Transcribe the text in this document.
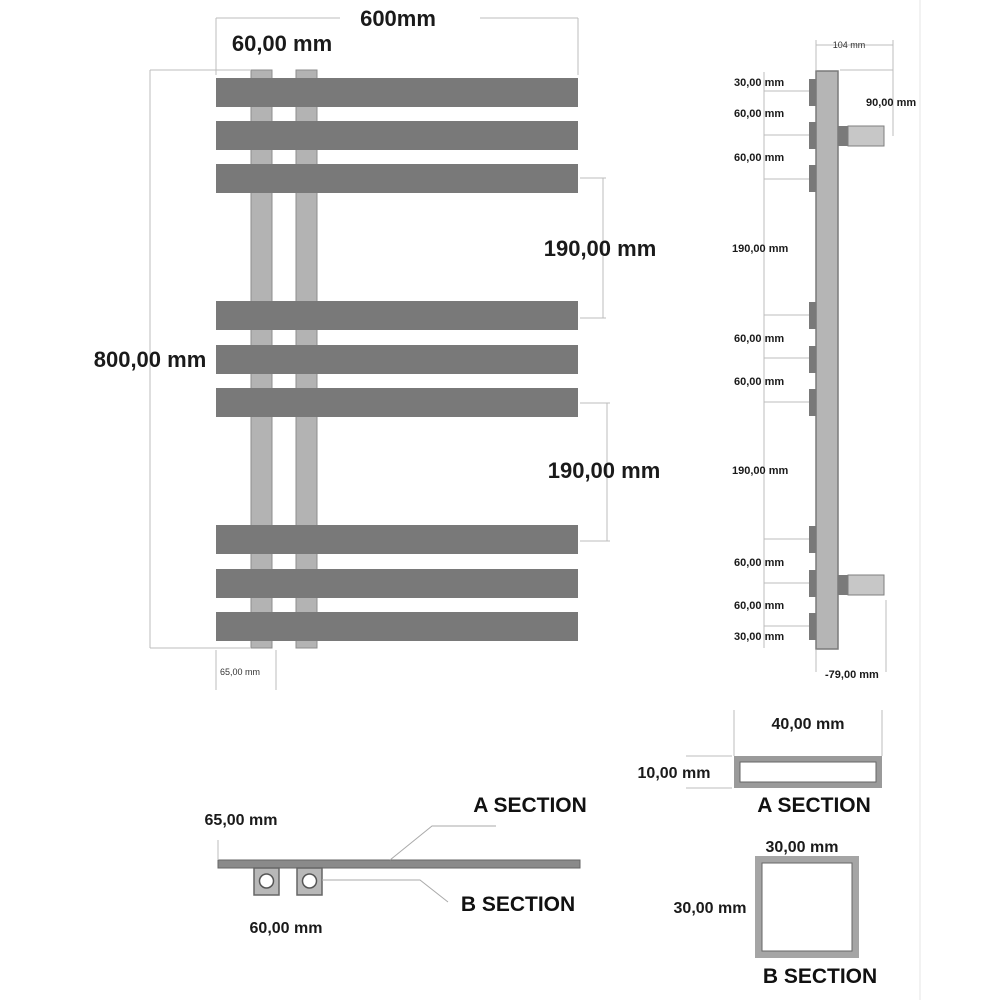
600mm
60,00 mm
800,00 mm
190,00 mm
190,00 mm
65,00 mm
104 mm
90,00 mm
-79,00 mm
30,00 mm
60,00 mm
60,00 mm
190,00 mm
60,00 mm
60,00 mm
190,00 mm
60,00 mm
60,00 mm
30,00 mm
65,00 mm
60,00 mm
A SECTION
B SECTION
40,00 mm
10,00 mm
A SECTION
30,00 mm
30,00 mm
B SECTION
